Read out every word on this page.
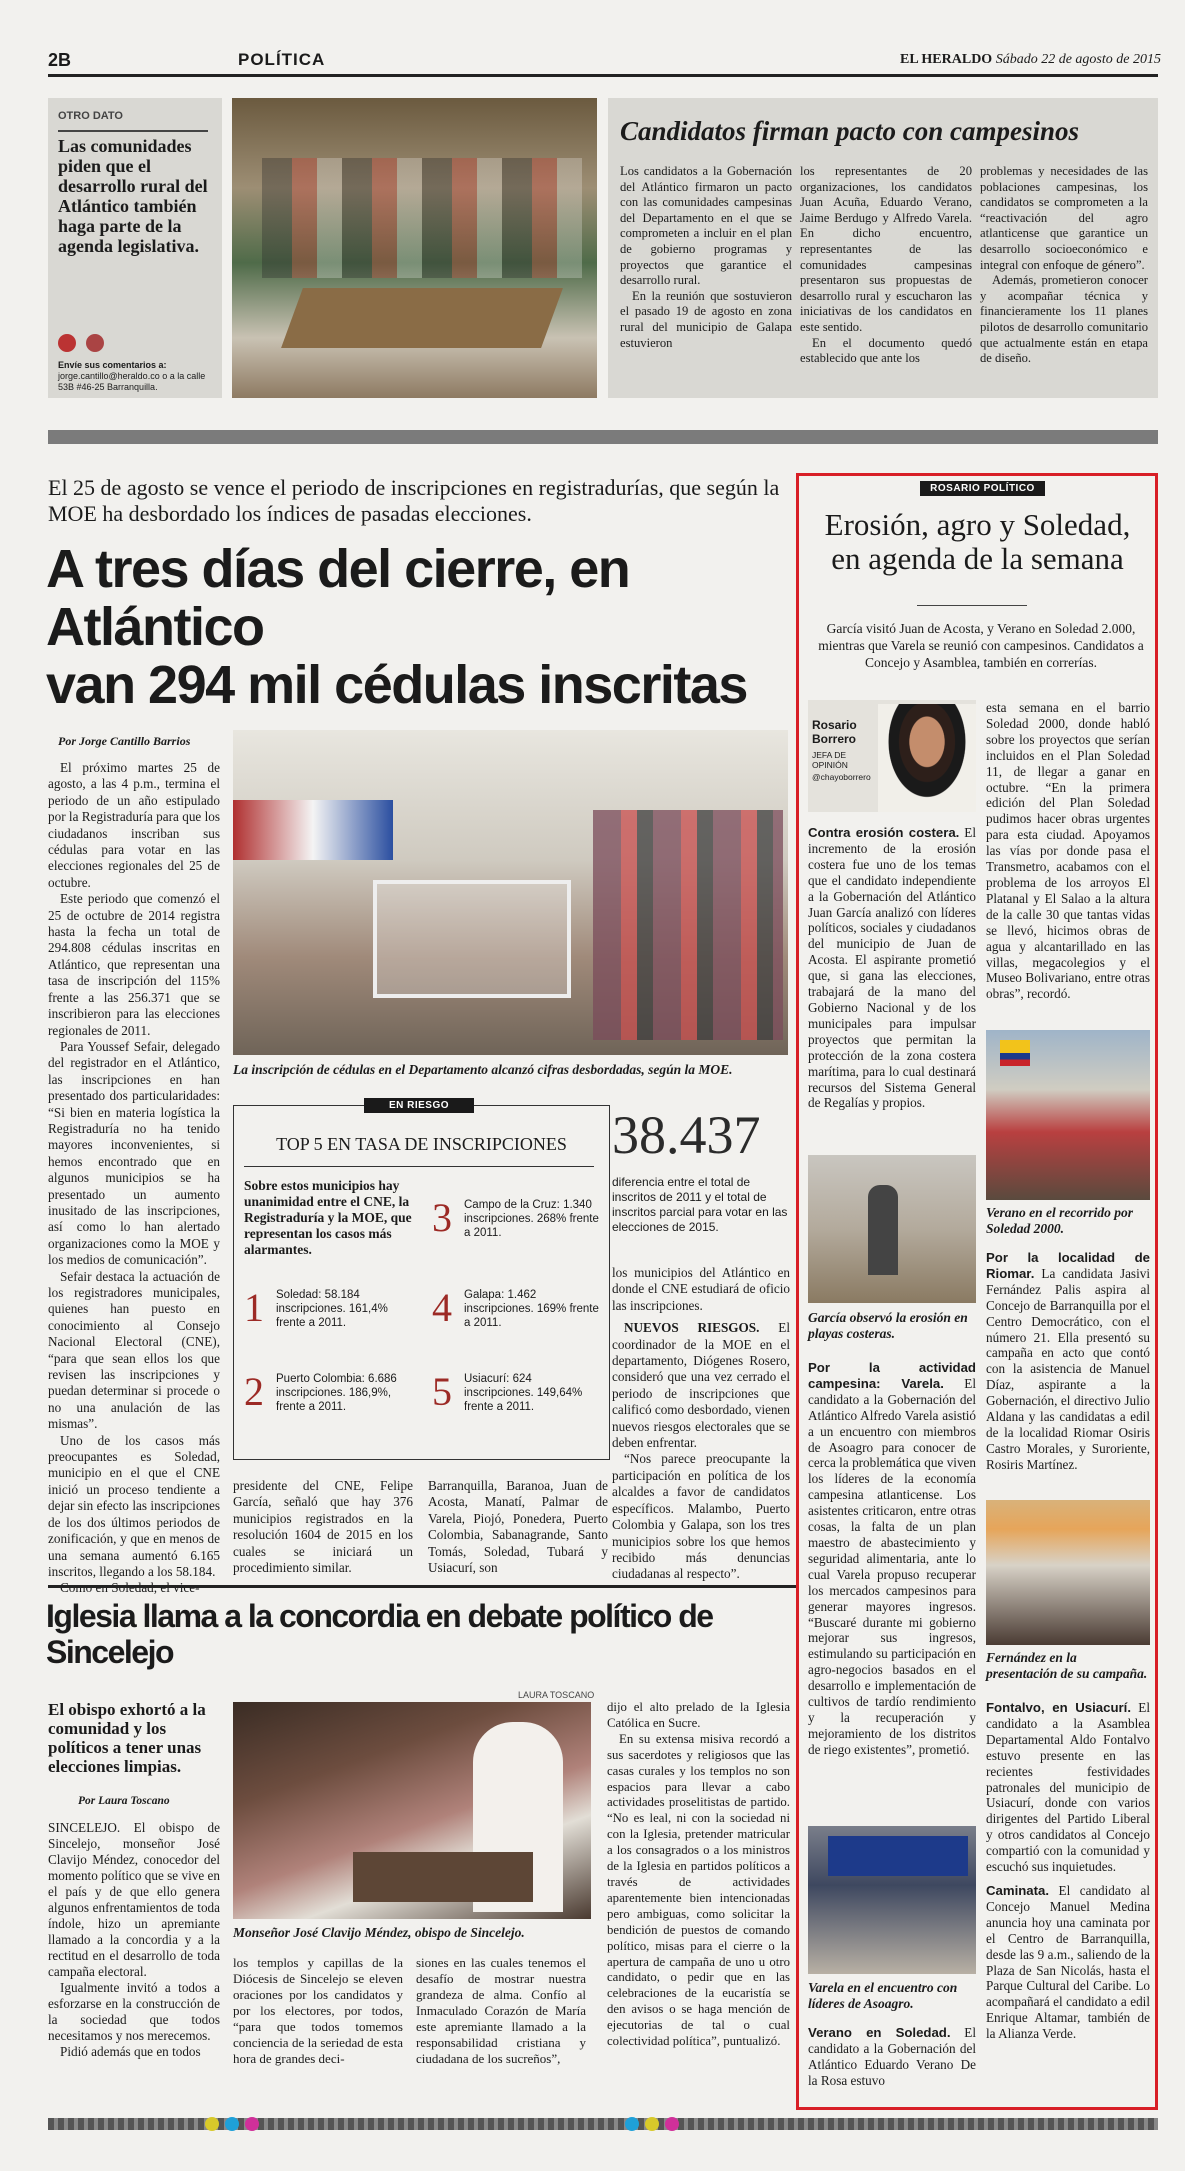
2B	POLÍTICA	EL HERALDO Sábado 22 de agosto de 2015
OTRO DATO
Las comunidades piden que el desarrollo rural del Atlántico también haga parte de la agenda legislativa.

Envíe sus comentarios a:
jorge.cantillo@heraldo.co o a la calle 53B #46-25 Barranquilla.
Candidatos firman pacto con campesinos

Los candidatos a la Gobernación del Atlántico firmaron un pacto con las comunidades campesinas del Departamento en el que se comprometen a incluir en el plan de gobierno programas y proyectos que garantice el desarrollo rural.

En la reunión que sostuvieron el pasado 19 de agosto en zona rural del municipio de Galapa estuvieron

los representantes de 20 organizaciones, los candidatos Juan Acuña, Eduardo Verano, Jaime Berdugo y Alfredo Varela. En dicho encuentro, representantes de las comunidades campesinas presentaron sus propuestas de desarrollo rural y escucharon las iniciativas de los candidatos en este sentido.

En el documento quedó establecido que ante los

problemas y necesidades de las poblaciones campesinas, los candidatos se comprometen a la “reactivación del agro atlanticense que garantice un desarrollo socioeconómico e integral con enfoque de género”.

Además, prometieron conocer y acompañar técnica y financieramente los 11 planes pilotos de desarrollo comunitario que actualmente están en etapa de diseño.

El 25 de agosto se vence el periodo de inscripciones en registradurías, que según la MOE ha desbordado los índices de pasadas elecciones.
A tres días del cierre, en Atlántico
van 294 mil cédulas inscritas
Por Jorge Cantillo Barrios

El próximo martes 25 de agosto, a las 4 p.m., termina el periodo de un año estipulado por la Registraduría para que los ciudadanos inscriban sus cédulas para votar en las elecciones regionales del 25 de octubre.

Este periodo que comenzó el 25 de octubre de 2014 registra hasta la fecha un total de 294.808 cédulas inscritas en Atlántico, que representan una tasa de inscripción del 115% frente a las 256.371 que se inscribieron para las elecciones regionales de 2011.

Para Youssef Sefair, delegado del registrador en el Atlántico, las inscripciones en han presentado dos particularidades: “Si bien en materia logística la Registraduría no ha tenido mayores inconvenientes, si hemos encontrado que en algunos municipios se ha presentado un aumento inusitado de las inscripciones, así como lo han alertado organizaciones como la MOE y los medios de comunicación”.

Sefair destaca la actuación de los registradores municipales, quienes han puesto en conocimiento al Consejo Nacional Electoral (CNE), “para que sean ellos los que revisen las inscripciones y puedan determinar si procede o no una anulación de las mismas”.

Uno de los casos más preocupantes es Soledad, municipio en el que el CNE inició un proceso tendiente a dejar sin efecto las inscripciones de los dos últimos periodos de zonificación, y que en menos de una semana aumentó 6.165 inscritos, llegando a los 58.184.

La inscripción de cédulas en el Departamento alcanzó cifras desbordadas, según la MOE.
EN RIESGO
TOP 5 EN TASA DE INSCRIPCIONES
Sobre estos municipios hay unanimidad entre el CNE, la Registraduría y la MOE, que representan los casos más alarmantes.
1 Soledad: 58.184 inscripciones. 161,4% frente a 2011.
2 Puerto Colombia: 6.686 inscripciones. 186,9%, frente a 2011.
3 Campo de la Cruz: 1.340 inscripciones. 268% frente a 2011.
4 Galapa: 1.462 inscripciones. 169% frente a 2011.
5 Usiacurí: 624 inscripciones. 149,64% frente a 2011.
38.437
diferencia entre el total de inscritos de 2011 y el total de inscritos parcial para votar en las elecciones de 2015.

los municipios del Atlántico en donde el CNE estudiará de oficio las inscripciones.

NUEVOS RIESGOS. El coordinador de la MOE en el departamento, Diógenes Rosero, consideró que una vez cerrado el periodo de inscripciones que calificó como desbordado, vienen nuevos riesgos electorales que se deben enfrentar.

“Nos parece preocupante la participación en política de los alcaldes a favor de candidatos específicos. Malambo, Puerto Colombia y Galapa, son los tres municipios sobre los que hemos recibido más denuncias ciudadanas al respecto”.

presidente del CNE, Felipe García, señaló que hay 376 municipios registrados en la resolución 1604 de 2015 en los cuales se iniciará un procedimiento similar.

Barranquilla, Baranoa, Juan de Acosta, Manatí, Palmar de Varela, Piojó, Ponedera, Puerto Colombia, Sabanagrande, Santo Tomás, Soledad, Tubará y Usiacurí, son

Iglesia llama a la concordia en debate político de Sincelejo
El obispo exhortó a la comunidad y los políticos a tener unas elecciones limpias.
Por Laura Toscano

SINCELEJO. El obispo de Sincelejo, monseñor José Clavijo Méndez, conocedor del momento político que se vive en el país y de que ello genera algunos enfrentamientos de toda índole, hizo un apremiante llamado a la concordia y a la rectitud en el desarrollo de toda campaña electoral.

Igualmente invitó a todos a esforzarse en la construcción de la sociedad que todos necesitamos y nos merecemos.

Pidió además que en todos

LAURA TOSCANO
Monseñor José Clavijo Méndez, obispo de Sincelejo.

los templos y capillas de la Diócesis de Sincelejo se eleven oraciones por los candidatos y por los electores, por todos, “para que todos tomemos conciencia de la seriedad de esta hora de grandes deci-

siones en las cuales tenemos el desafío de mostrar nuestra grandeza de alma. Confío al Inmaculado Corazón de María este apremiante llamado a la responsabilidad cristiana y ciudadana de los sucreños”,

dijo el alto prelado de la Iglesia Católica en Sucre.

En su extensa misiva recordó a sus sacerdotes y religiosos que las casas curales y los templos no son espacios para llevar a cabo actividades proselitistas de partido. “No es leal, ni con la sociedad ni con la Iglesia, pretender matricular a los consagrados o a los ministros de la Iglesia en partidos políticos a través de actividades aparentemente bien intencionadas pero ambiguas, como solicitar la bendición de puestos de comando político, misas para el cierre o la apertura de campaña de uno u otro candidato, o pedir que en las celebraciones de la eucaristía se den avisos o se haga mención de ejecutorias de tal o cual colectividad política”, puntualizó.

ROSARIO POLÍTICO
Erosión, agro y Soledad,
en agenda de la semana
García visitó Juan de Acosta, y Verano en Soledad 2.000, mientras que Varela se reunió con campesinos. Candidatos a Concejo y Asamblea, también en correrías.
Rosario Borrero
JEFA DE OPINIÓN
@chayoborrero

Contra erosión costera. El incremento de la erosión costera fue uno de los temas que el candidato independiente a la Gobernación del Atlántico Juan García analizó con líderes políticos, sociales y ciudadanos del municipio de Juan de Acosta. El aspirante prometió que, si gana las elecciones, trabajará de la mano del Gobierno Nacional y de los municipales para impulsar proyectos que permitan la protección de la zona costera marítima, para lo cual destinará recursos del Sistema General de Regalías y propios.

García observó la erosión en playas costeras.

Por la actividad campesina: Varela. El candidato a la Gobernación del Atlántico Alfredo Varela asistió a un encuentro con miembros de Asoagro para conocer de cerca la problemática que viven los líderes de la economía campesina atlanticense. Los asistentes criticaron, entre otras cosas, la falta de un plan maestro de abastecimiento y seguridad alimentaria, ante lo cual Varela propuso recuperar los mercados campesinos para generar mayores ingresos. “Buscaré durante mi gobierno mejorar sus ingresos, estimulando su participación en agro-negocios basados en el desarrollo e implementación de cultivos de tardío rendimiento y la recuperación y mejoramiento de los distritos de riego existentes”, prometió.

Varela en el encuentro con líderes de Asoagro.

Verano en Soledad. El candidato a la Gobernación del Atlántico Eduardo Verano De la Rosa estuvo

esta semana en el barrio Soledad 2000, donde habló sobre los proyectos que serían incluidos en el Plan Soledad 11, de llegar a ganar en octubre. “En la primera edición del Plan Soledad pudimos hacer obras urgentes para esta ciudad. Apoyamos las vías por donde pasa el Transmetro, acabamos con el problema de los arroyos El Platanal y El Salao a la altura de la calle 30 que tantas vidas se llevó, hicimos obras de agua y alcantarillado en las villas, megacolegios y el Museo Bolivariano, entre otras obras”, recordó.

Verano en el recorrido por Soledad 2000.

Por la localidad de Riomar. La candidata Jasivi Fernández Palis aspira al Concejo de Barranquilla por el Centro Democrático, con el número 21. Ella presentó su campaña en acto que contó con la asistencia de Manuel Díaz, aspirante a la Gobernación, el directivo Julio Aldana y las candidatas a edil de la localidad Riomar Osiris Castro Morales, y Suroriente, Rosiris Martínez.

Fernández en la presentación de su campaña.

Fontalvo, en Usiacurí. El candidato a la Asamblea Departamental Aldo Fontalvo estuvo presente en las recientes festividades patronales del municipio de Usiacurí, donde con varios dirigentes del Partido Liberal y otros candidatos al Concejo compartió con la comunidad y escuchó sus inquietudes.

Caminata. El candidato al Concejo Manuel Medina anuncia hoy una caminata por el Centro de Barranquilla, desde las 9 a.m., saliendo de la Plaza de San Nicolás, hasta el Parque Cultural del Caribe. Lo acompañará el candidato a edil Enrique Altamar, también de la Alianza Verde.
